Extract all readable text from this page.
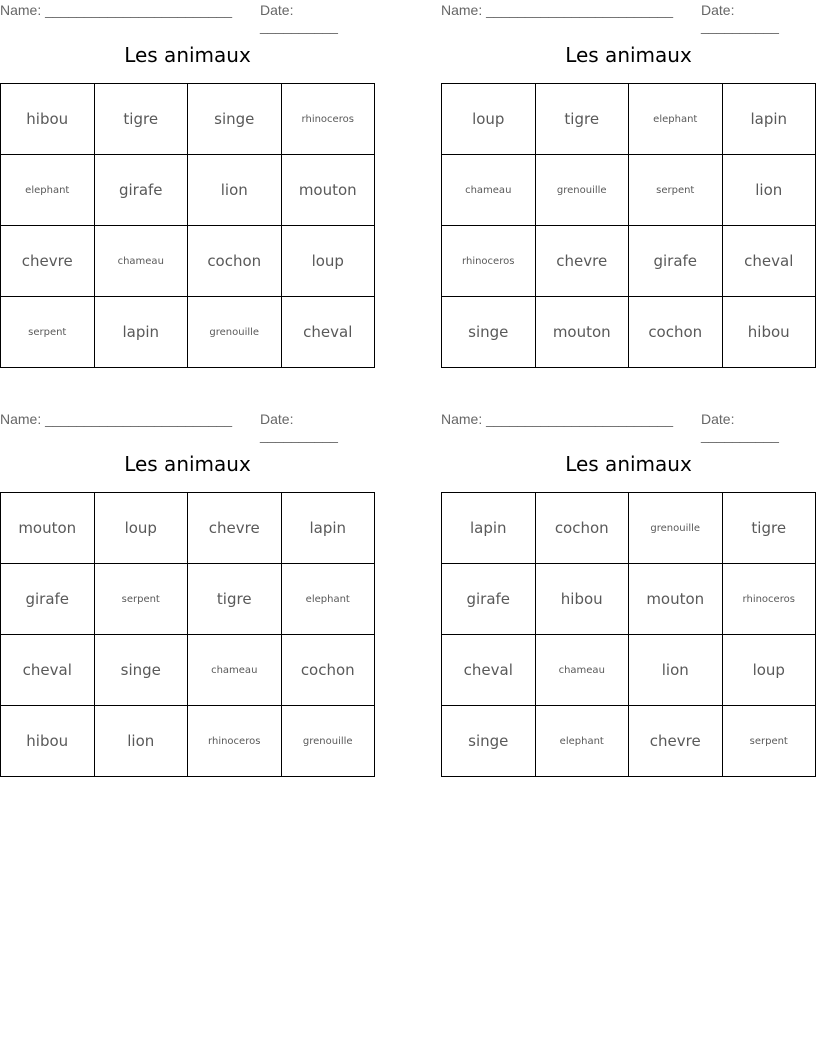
Name: ________________________ Date: __________
Les animaux
hibou	tigre	singe	rhinoceros
elephant	girafe	lion	mouton
chevre	chameau	cochon	loup
serpent	lapin	grenouille	cheval
Name: ________________________ Date: __________
Les animaux
loup	tigre	elephant	lapin
chameau	grenouille	serpent	lion
rhinoceros	chevre	girafe	cheval
singe	mouton	cochon	hibou
Name: ________________________ Date: __________
Les animaux
mouton	loup	chevre	lapin
girafe	serpent	tigre	elephant
cheval	singe	chameau	cochon
hibou	lion	rhinoceros	grenouille
Name: ________________________ Date: __________
Les animaux
lapin	cochon	grenouille	tigre
girafe	hibou	mouton	rhinoceros
cheval	chameau	lion	loup
singe	elephant	chevre	serpent
